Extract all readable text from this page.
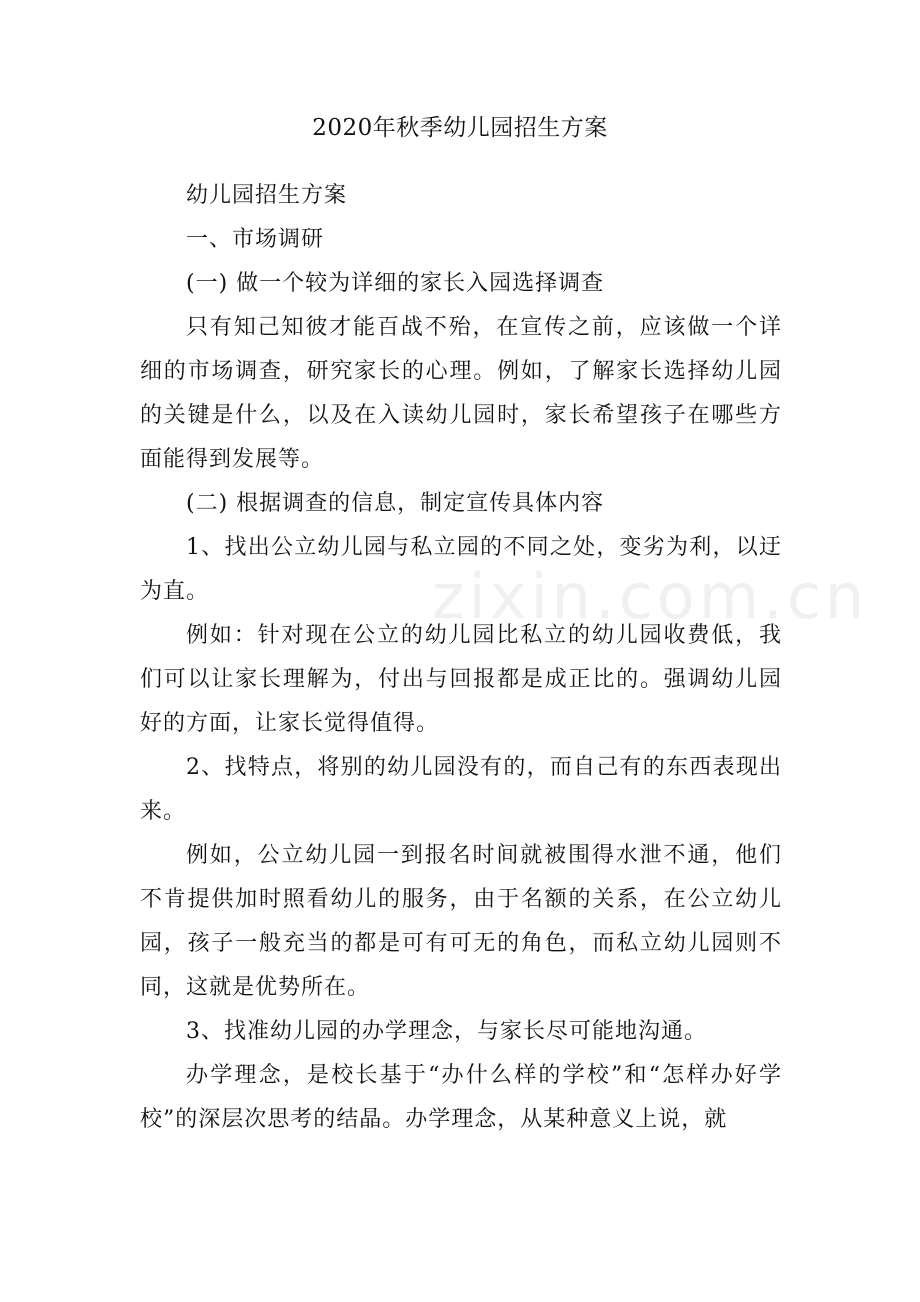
2020年秋季幼儿园招生方案

幼儿园招生方案

一、市场调研

(一) 做一个较为详细的家长入园选择调查

只有知己知彼才能百战不殆，在宣传之前，应该做一个详细的市场调查，研究家长的心理。例如，了解家长选择幼儿园的关键是什么，以及在入读幼儿园时，家长希望孩子在哪些方面能得到发展等。

(二) 根据调查的信息，制定宣传具体内容

1、找出公立幼儿园与私立园的不同之处，变劣为利，以迂为直。

例如：针对现在公立的幼儿园比私立的幼儿园收费低，我们可以让家长理解为，付出与回报都是成正比的。强调幼儿园好的方面，让家长觉得值得。

2、找特点，将别的幼儿园没有的，而自己有的东西表现出来。

例如，公立幼儿园一到报名时间就被围得水泄不通，他们不肯提供加时照看幼儿的服务，由于名额的关系，在公立幼儿园，孩子一般充当的都是可有可无的角色，而私立幼儿园则不同，这就是优势所在。

3、找准幼儿园的办学理念，与家长尽可能地沟通。

办学理念，是校长基于“办什么样的学校”和“怎样办好学校”的深层次思考的结晶。办学理念，从某种意义上说，就

zixin.com.cn
